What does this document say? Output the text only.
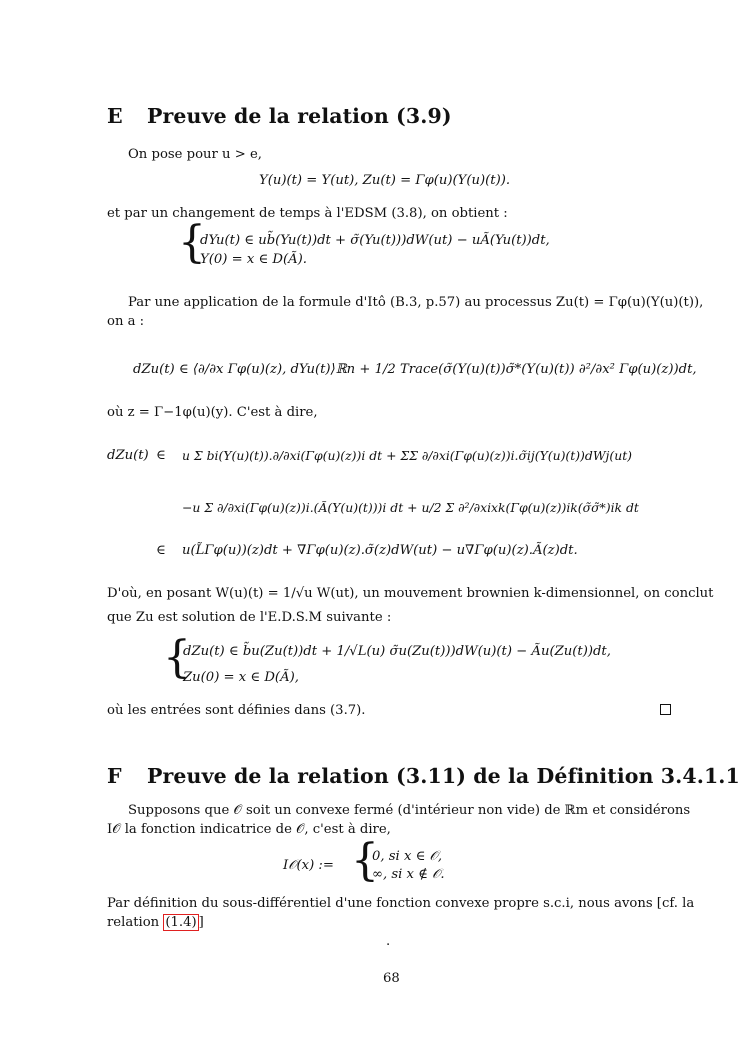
E Preuve de la relation (3.9)
On pose pour u > e,
Y(u)(t) = Y(ut), Zu(t) = Γφ(u)(Y(u)(t)).
et par un changement de temps à l'EDSM (3.8), on obtient :
{
dYu(t) ∈ ub̃(Yu(t))dt + σ̃(Yu(t)))dW(ut) − uÃ(Yu(t))dt,
Y(0) = x ∈ D(Ã).
Par une application de la formule d'Itô (B.3, p.57) au processus Zu(t) = Γφ(u)(Y(u)(t)),
on a :
dZu(t) ∈ ⟨∂/∂x Γφ(u)(z), dYu(t)⟩ℝn + 1/2 Trace(σ̃(Y(u)(t))σ̃*(Y(u)(t)) ∂²/∂x² Γφ(u)(z))dt,
où z = Γ−1φ(u)(y). C'est à dire,
dZu(t) ∈ u Σ bi(Y(u)(t)).∂/∂xi(Γφ(u)(z))i dt + ΣΣ ∂/∂xi(Γφ(u)(z))i.σ̃ij(Y(u)(t))dWj(ut)
−u Σ ∂/∂xi(Γφ(u)(z))i.(Ã(Y(u)(t)))i dt + u/2 Σ ∂²/∂xixk(Γφ(u)(z))ik(σ̃σ̃*)ik dt
∈ u(L̃Γφ(u))(z)dt + ∇Γφ(u)(z).σ̃(z)dW(ut) − u∇Γφ(u)(z).Ã(z)dt.
D'où, en posant W(u)(t) = 1/√u W(ut), un mouvement brownien k-dimensionnel, on conclut
que Zu est solution de l'E.D.S.M suivante :
{
dZu(t) ∈ b̃u(Zu(t))dt + 1/√L(u) σ̃u(Zu(t)))dW(u)(t) − Ãu(Zu(t))dt,
Zu(0) = x ∈ D(Ã),
où les entrées sont définies dans (3.7).
F Preuve de la relation (3.11) de la Définition 3.4.1.1
Supposons que 𝒪 soit un convexe fermé (d'intérieur non vide) de ℝm et considérons
I𝒪 la fonction indicatrice de 𝒪, c'est à dire,
I𝒪(x) := {
0, si x ∈ 𝒪,
∞, si x ∉ 𝒪.
Par définition du sous-différentiel d'une fonction convexe propre s.c.i, nous avons [cf. la
relation (1.4) ]
.
68
